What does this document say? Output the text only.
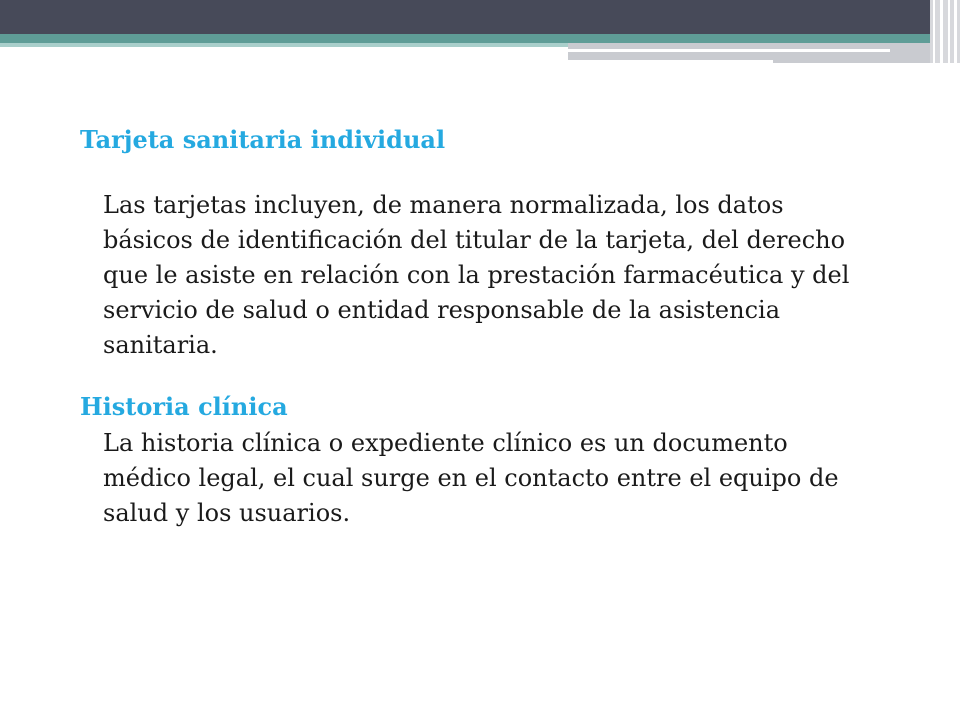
Tarjeta sanitaria individual

Las tarjetas incluyen, de manera normalizada, los datos básicos de identificación del titular de la tarjeta, del derecho que le asiste en relación con la prestación farmacéutica y del servicio de salud o entidad responsable de la asistencia sanitaria.

Historia clínica

La historia clínica o expediente clínico es un documento médico legal, el cual surge en el contacto entre el equipo de salud y los usuarios.
